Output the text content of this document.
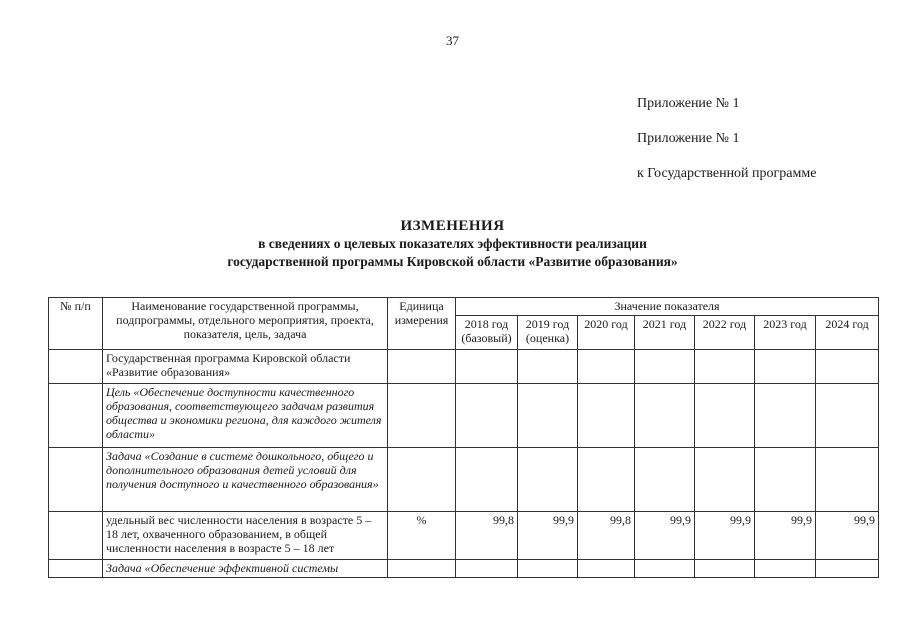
37
Приложение № 1
Приложение № 1
к Государственной программе
ИЗМЕНЕНИЯ
в сведениях о целевых показателях эффективности реализации
государственной программы Кировской области «Развитие образования»
№ п/п	Наименование государственной программы, подпрограммы, отдельного мероприятия, проекта, показателя, цель, задача	Единица измерения	Значение показателя						
			2018 год (базовый)	2019 год (оценка)	2020 год	2021 год	2022 год	2023 год	2024 год
	Государственная программа Кировской области «Развитие образования»								
	Цель «Обеспечение доступности качественного образования, соответствующего задачам развития общества и экономики региона, для каждого жителя области»								
	Задача «Создание в системе дошкольного, общего и дополнительного образования детей условий для получения доступного и качественного образования»								
	удельный вес численности населения в возрасте 5 – 18 лет, охваченного образованием, в общей численности населения в возрасте 5 – 18 лет	%	99,8	99,9	99,8	99,9	99,9	99,9	99,9
	Задача «Обеспечение эффективной системы								
